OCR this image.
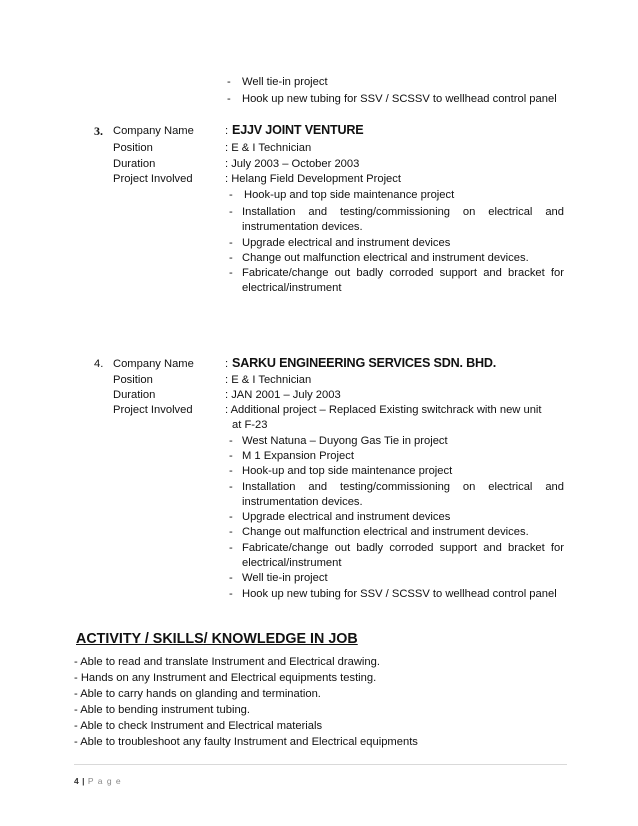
- Well tie-in project
- Hook up new tubing for SSV / SCSSV to wellhead control panel
3. Company Name	: EJJV JOINT VENTURE
Position	: E & I Technician
Duration	: July 2003 – October 2003
Project Involved	: Helang Field Development Project
- Hook-up and top side maintenance project
- Installation and testing/commissioning on electrical and
instrumentation devices.
- Upgrade electrical and instrument devices
- Change out malfunction electrical and instrument devices.
- Fabricate/change out badly corroded support and bracket for
electrical/instrument
4. Company Name	: SARKU ENGINEERING SERVICES SDN. BHD.
Position	: E & I Technician
Duration	: JAN 2001 – July 2003
Project Involved	: Additional project – Replaced Existing switchrack with new unit
at F-23
- West Natuna – Duyong Gas Tie in project
- M 1 Expansion Project
- Hook-up and top side maintenance project
- Installation and testing/commissioning on electrical and
instrumentation devices.
- Upgrade electrical and instrument devices
- Change out malfunction electrical and instrument devices.
- Fabricate/change out badly corroded support and bracket for
electrical/instrument
- Well tie-in project
- Hook up new tubing for SSV / SCSSV to wellhead control panel
ACTIVITY / SKILLS/ KNOWLEDGE IN JOB
- Able to read and translate Instrument and Electrical drawing.
- Hands on any Instrument and Electrical equipments testing.
- Able to carry hands on glanding and termination.
- Able to bending instrument tubing.
- Able to check Instrument and Electrical materials
- Able to troubleshoot any faulty Instrument and Electrical equipments
4 | P a g e
